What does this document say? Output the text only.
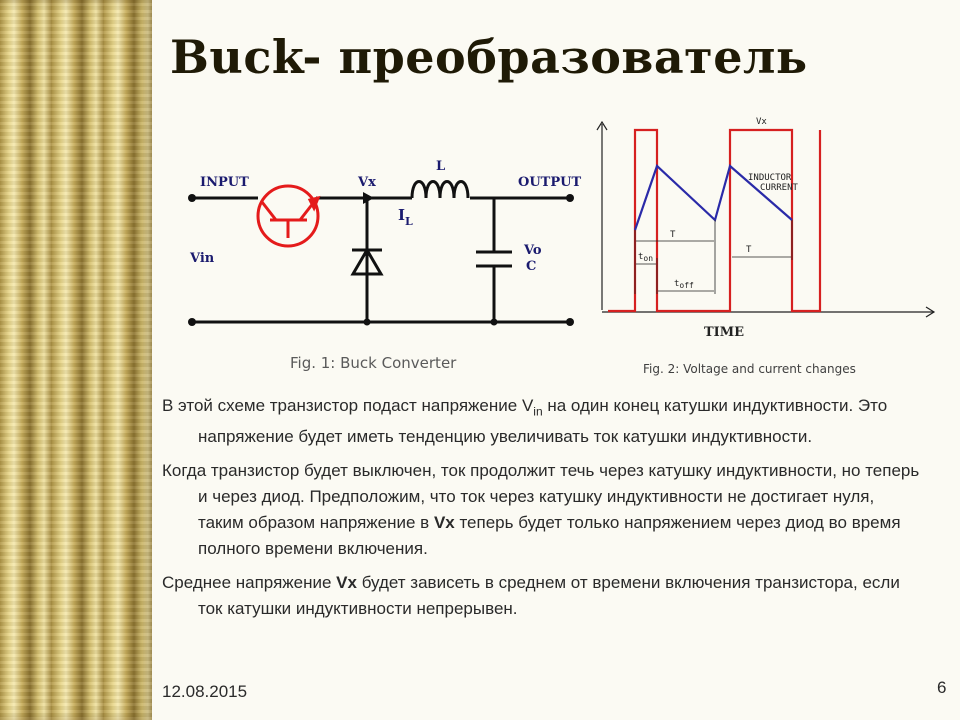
Buck- преобразователь
INPUT	OUTPUT
Vx
L
$I_L$
Vin
Vo
C
Fig. 1: Buck Converter
Vx
INDUCTOR
CURRENT
T
T
ton
toff
TIME
Fig. 2: Voltage and current changes

В этой схеме транзистор подаст напряжение $V_{in}$ на один конец катушки индуктивности. Это напряжение будет иметь тенденцию увеличивать ток катушки индуктивности.

Когда транзистор будет выключен, ток продолжит течь через катушку индуктивности, но теперь и через диод. Предположим, что ток через катушку индуктивности не достигает нуля, таким образом напряжение в Vx теперь будет только напряжением через диод во время полного времени включения.

Среднее напряжение Vx будет зависеть в среднем от времени включения транзистора, если ток катушки индуктивности непрерывен.

12.08.2015	6
